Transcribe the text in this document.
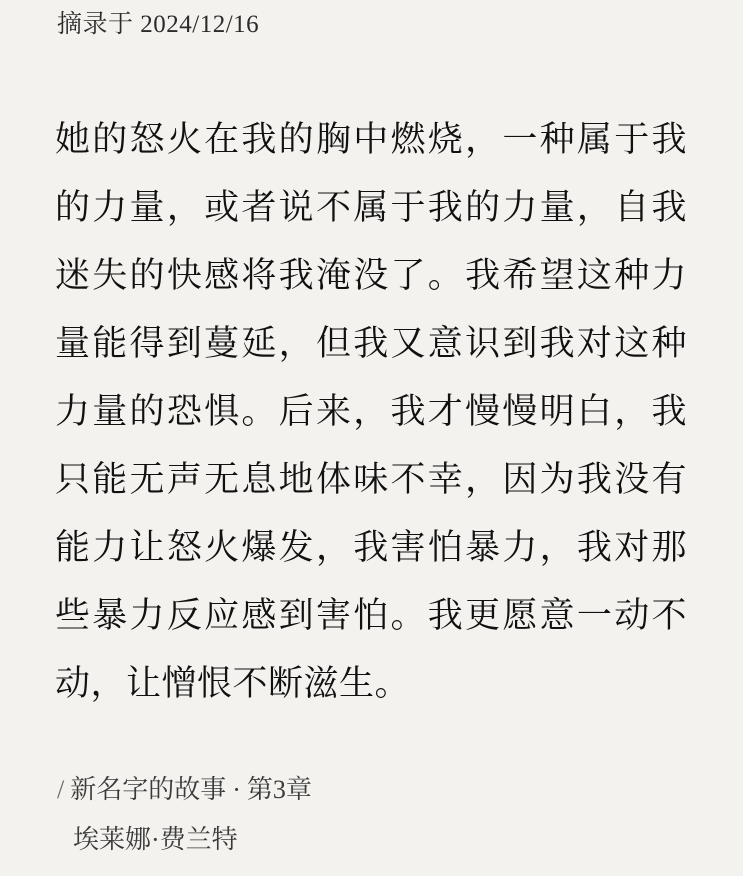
摘录于 2024/12/16
她的怒火在我的胸中燃烧，一种属于我的力量，或者说不属于我的力量，自我迷失的快感将我淹没了。我希望这种力量能得到蔓延，但我又意识到我对这种力量的恐惧。后来，我才慢慢明白，我只能无声无息地体味不幸，因为我没有能力让怒火爆发，我害怕暴力，我对那些暴力反应感到害怕。我更愿意一动不动，让憎恨不断滋生。
/ 新名字的故事 · 第3章
埃莱娜·费兰特
